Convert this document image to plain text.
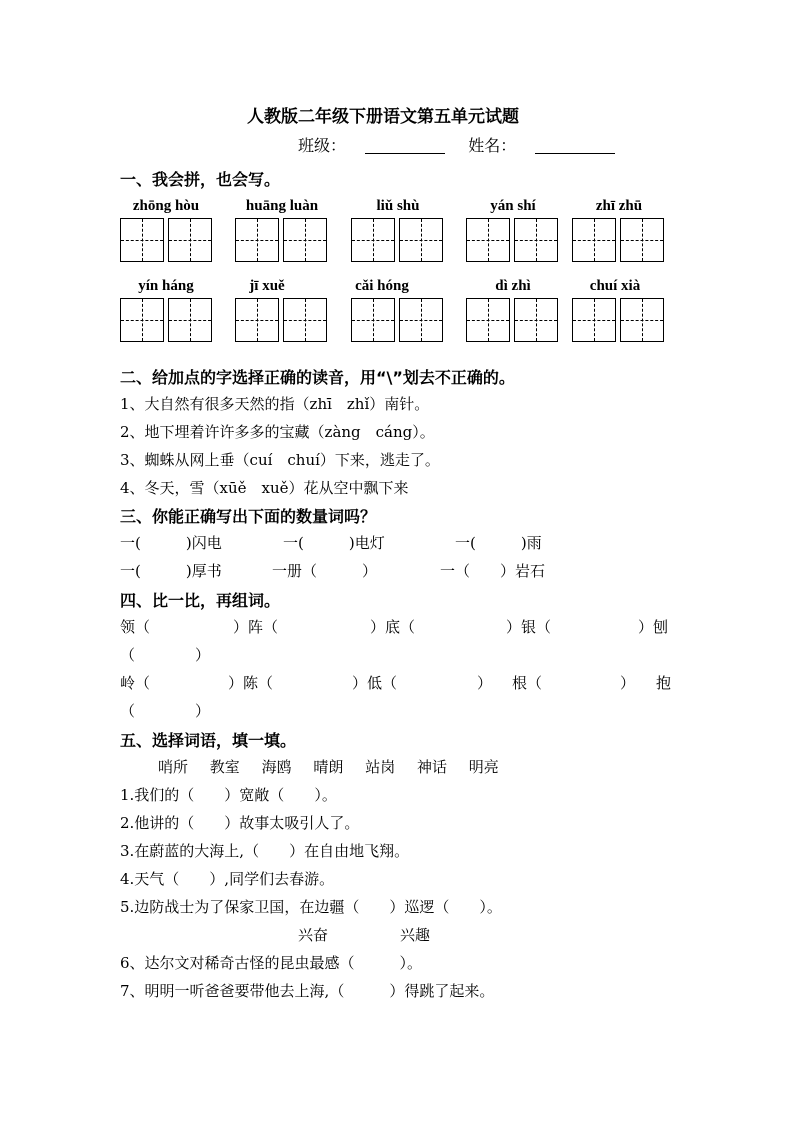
人教版二年级下册语文第五单元试题
班级：	姓名：
一、我会拼，也会写。
zhōng hòu	huāng luàn	liǔ shù	yán shí	zhī zhū
yín háng	jī xuě	cǎi hóng	dì zhì	chuí xià
二、给加点的字选择正确的读音，用“\”划去不正确的。
1、大自然有很多天然的指（zhī　zhǐ）南针。
2、地下埋着许许多多的宝藏（zàng　cáng）。
3、蜘蛛从网上垂（cuí　chuí）下来，逃走了。
4、冬天，雪（xūě　xuě）花从空中飘下来
三、你能正确写出下面的数量词吗？
一(　　　)闪电	一(　　　)电灯	一(　　　)雨
一(　　　)厚书	一册（　　　）	一（　　）岩石
四、比一比，再组词。
领（	）阵（	）底（	）银（	）刨
（　　　　）
岭（	）陈（	）低（	） 根（	） 抱
（　　　　）
五、选择词语，填一填。
哨所 教室 海鸥 晴朗 站岗 神话 明亮
1.我们的（　　）宽敞（　　）。
2.他讲的（　　）故事太吸引人了。
3.在蔚蓝的大海上,（　　）在自由地飞翔。
4.天气（　　）,同学们去春游。
5.边防战士为了保家卫国，在边疆（　　）巡逻（　　）。
兴奋	兴趣
6、达尔文对稀奇古怪的昆虫最感（　　　）。
7、明明一听爸爸要带他去上海,（　　　）得跳了起来。
